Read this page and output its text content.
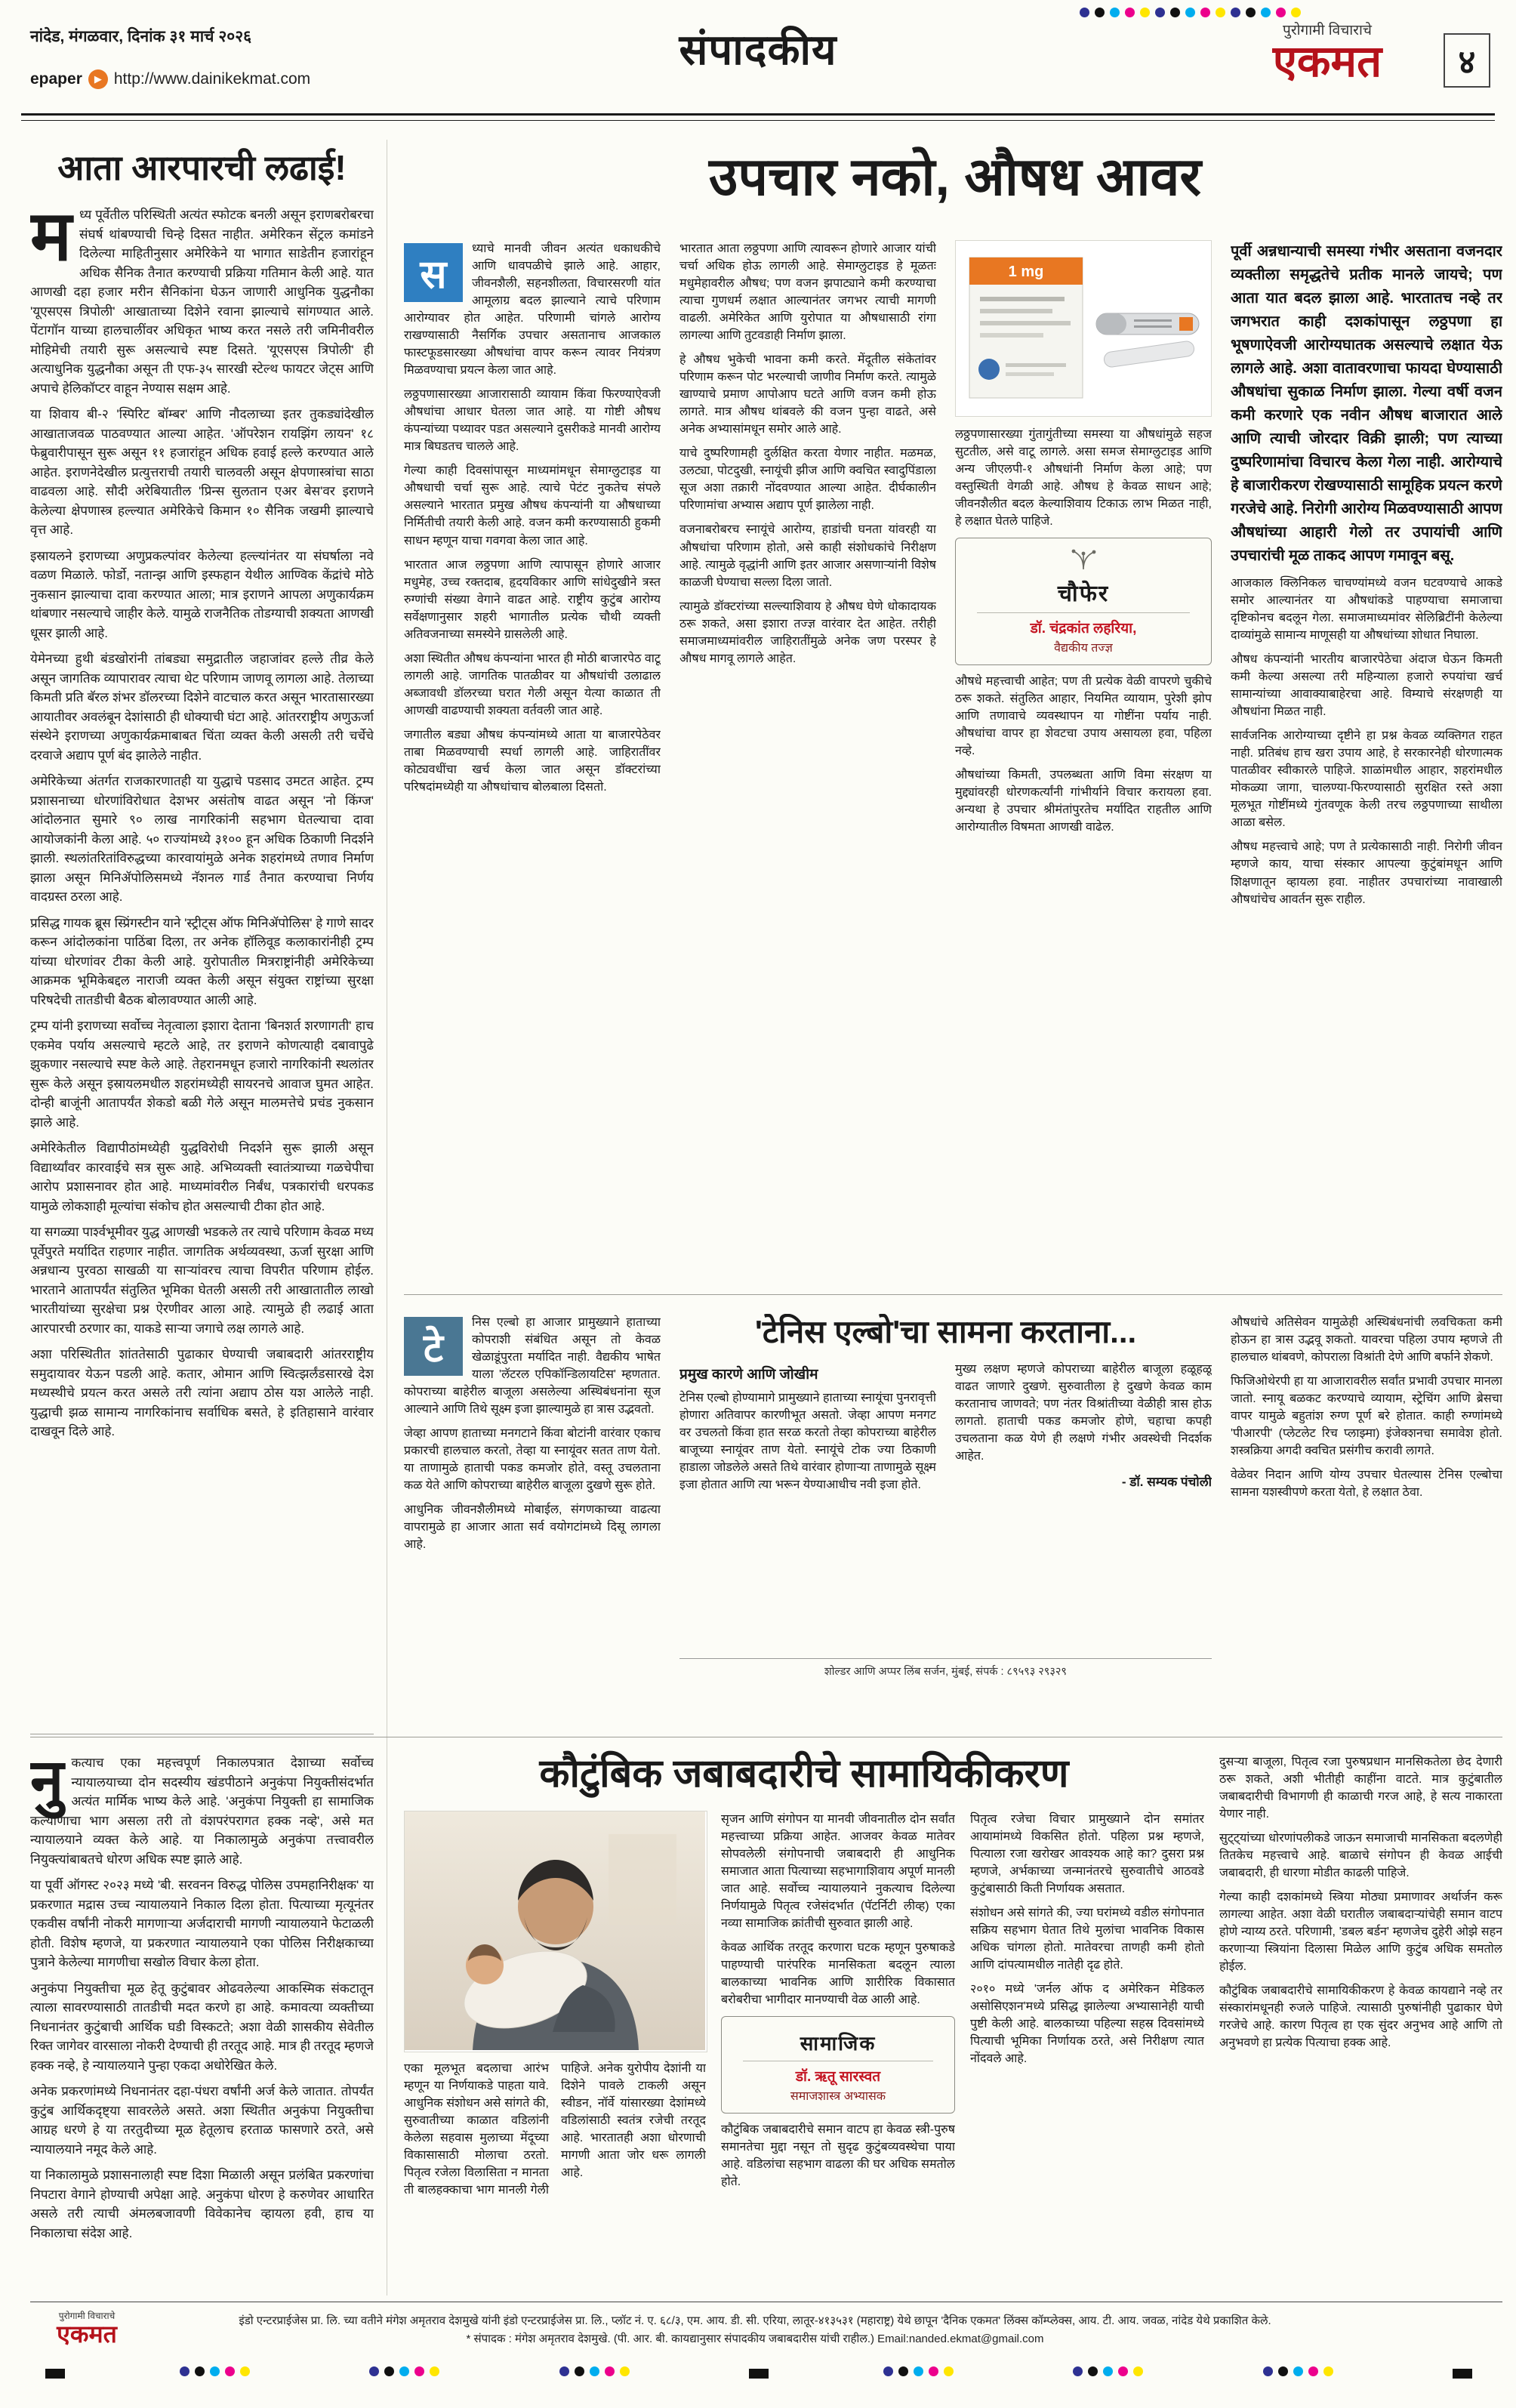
नांदेड, मंगळवार, दिनांक ३१ मार्च २०२६
epaper	▶ http://www.dainikekmat.com
संपादकीय	पुरोगामी विचाराचे
एकमत	४
आता आरपारची लढाई!
म ध्य पूर्वेतील परिस्थिती अत्यंत स्फोटक बनली असून इराणबरोबरचा संघर्ष थांबण्याची चिन्हे दिसत नाहीत. अमेरिकन सेंट्रल कमांडने दिलेल्या माहितीनुसार अमेरिकेने या भागात साडेतीन हजारांहून अधिक सैनिक तैनात करण्याची प्रक्रिया गतिमान केली आहे. यात आणखी दहा हजार मरीन सैनिकांना घेऊन जाणारी आधुनिक युद्धनौका 'यूएसएस त्रिपोली' आखाताच्या दिशेने रवाना झाल्याचे सांगण्यात आले. पेंटागॉन याच्या हालचालींवर अधिकृत भाष्य करत नसले तरी जमिनीवरील मोहिमेची तयारी सुरू असल्याचे स्पष्ट दिसते. 'यूएसएस त्रिपोली' ही अत्याधुनिक युद्धनौका असून ती एफ-३५ सारखी स्टेल्थ फायटर जेट्स आणि अपाचे हेलिकॉप्टर वाहून नेण्यास सक्षम आहे.

या शिवाय बी-२ 'स्पिरिट बॉम्बर' आणि नौदलाच्या इतर तुकड्यांदेखील आखाताजवळ पाठवण्यात आल्या आहेत. 'ऑपरेशन रायझिंग लायन' १८ फेब्रुवारीपासून सुरू असून ११ हजारांहून अधिक हवाई हल्ले करण्यात आले आहेत. इराणनेदेखील प्रत्युत्तराची तयारी चालवली असून क्षेपणास्त्रांचा साठा वाढवला आहे. सौदी अरेबियातील 'प्रिन्स सुलतान एअर बेस'वर इराणने केलेल्या क्षेपणास्त्र हल्ल्यात अमेरिकेचे किमान १० सैनिक जखमी झाल्याचे वृत्त आहे.

इस्रायलने इराणच्या अणुप्रकल्पांवर केलेल्या हल्ल्यांनंतर या संघर्षाला नवे वळण मिळाले. फोर्डो, नतान्झ आणि इस्फहान येथील आण्विक केंद्रांचे मोठे नुकसान झाल्याचा दावा करण्यात आला; मात्र इराणने आपला अणुकार्यक्रम थांबणार नसल्याचे जाहीर केले. यामुळे राजनैतिक तोडग्याची शक्यता आणखी धूसर झाली आहे.

येमेनच्या हुथी बंडखोरांनी तांबड्या समुद्रातील जहाजांवर हल्ले तीव्र केले असून जागतिक व्यापारावर त्याचा थेट परिणाम जाणवू लागला आहे. तेलाच्या किमती प्रति बॅरल शंभर डॉलरच्या दिशेने वाटचाल करत असून भारतासारख्या आयातीवर अवलंबून देशांसाठी ही धोक्याची घंटा आहे. आंतरराष्ट्रीय अणुऊर्जा संस्थेने इराणच्या अणुकार्यक्रमाबाबत चिंता व्यक्त केली असली तरी चर्चेचे दरवाजे अद्याप पूर्ण बंद झालेले नाहीत.

अमेरिकेच्या अंतर्गत राजकारणातही या युद्धाचे पडसाद उमटत आहेत. ट्रम्प प्रशासनाच्या धोरणांविरोधात देशभर असंतोष वाढत असून 'नो किंग्ज' आंदोलनात सुमारे ९० लाख नागरिकांनी सहभाग घेतल्याचा दावा आयोजकांनी केला आहे. ५० राज्यांमध्ये ३१०० हून अधिक ठिकाणी निदर्शने झाली. स्थलांतरितांविरुद्धच्या कारवायांमुळे अनेक शहरांमध्ये तणाव निर्माण झाला असून मिनिॲपोलिसमध्ये नॅशनल गार्ड तैनात करण्याचा निर्णय वादग्रस्त ठरला आहे.

प्रसिद्ध गायक ब्रूस स्प्रिंगस्टीन याने 'स्ट्रीट्स ऑफ मिनिॲपोलिस' हे गाणे सादर करून आंदोलकांना पाठिंबा दिला, तर अनेक हॉलिवूड कलाकारांनीही ट्रम्प यांच्या धोरणांवर टीका केली आहे. युरोपातील मित्रराष्ट्रांनीही अमेरिकेच्या आक्रमक भूमिकेबद्दल नाराजी व्यक्त केली असून संयुक्त राष्ट्रांच्या सुरक्षा परिषदेची तातडीची बैठक बोलावण्यात आली आहे.

ट्रम्प यांनी इराणच्या सर्वोच्च नेतृत्वाला इशारा देताना 'बिनशर्त शरणागती' हाच एकमेव पर्याय असल्याचे म्हटले आहे, तर इराणने कोणत्याही दबावापुढे झुकणार नसल्याचे स्पष्ट केले आहे. तेहरानमधून हजारो नागरिकांनी स्थलांतर सुरू केले असून इस्रायलमधील शहरांमध्येही सायरनचे आवाज घुमत आहेत. दोन्ही बाजूंनी आतापर्यंत शेकडो बळी गेले असून मालमत्तेचे प्रचंड नुकसान झाले आहे.

अमेरिकेतील विद्यापीठांमध्येही युद्धविरोधी निदर्शने सुरू झाली असून विद्यार्थ्यांवर कारवाईचे सत्र सुरू आहे. अभिव्यक्ती स्वातंत्र्याच्या गळचेपीचा आरोप प्रशासनावर होत आहे. माध्यमांवरील निर्बंध, पत्रकारांची धरपकड यामुळे लोकशाही मूल्यांचा संकोच होत असल्याची टीका होत आहे.

या सगळ्या पार्श्वभूमीवर युद्ध आणखी भडकले तर त्याचे परिणाम केवळ मध्य पूर्वेपुरते मर्यादित राहणार नाहीत. जागतिक अर्थव्यवस्था, ऊर्जा सुरक्षा आणि अन्नधान्य पुरवठा साखळी या साऱ्यांवरच त्याचा विपरीत परिणाम होईल. भारताने आतापर्यंत संतुलित भूमिका घेतली असली तरी आखातातील लाखो भारतीयांच्या सुरक्षेचा प्रश्न ऐरणीवर आला आहे. त्यामुळे ही लढाई आता आरपारची ठरणार का, याकडे साऱ्या जगाचे लक्ष लागले आहे.

अशा परिस्थितीत शांततेसाठी पुढाकार घेण्याची जबाबदारी आंतरराष्ट्रीय समुदायावर येऊन पडली आहे. कतार, ओमान आणि स्वित्झर्लंडसारखे देश मध्यस्थीचे प्रयत्न करत असले तरी त्यांना अद्याप ठोस यश आलेले नाही. युद्धाची झळ सामान्य नागरिकांनाच सर्वाधिक बसते, हे इतिहासाने वारंवार दाखवून दिले आहे.

उपचार नको, औषध आवर
स

ध्याचे मानवी जीवन अत्यंत धकाधकीचे आणि धावपळीचे झाले आहे. आहार, जीवनशैली, सहनशीलता, विचारसरणी यांत आमूलाग्र बदल झाल्याने त्याचे परिणाम आरोग्यावर होत आहेत. परिणामी चांगले आरोग्य राखण्यासाठी नैसर्गिक उपचार असतानाच आजकाल फास्टफूडसारख्या औषधांचा वापर करून त्यावर नियंत्रण मिळवण्याचा प्रयत्न केला जात आहे.

लठ्ठपणासारख्या आजारासाठी व्यायाम किंवा फिरण्याऐवजी औषधांचा आधार घेतला जात आहे. या गोष्टी औषध कंपन्यांच्या पथ्यावर पडत असल्याने दुसरीकडे मानवी आरोग्य मात्र बिघडतच चालले आहे.

गेल्या काही दिवसांपासून माध्यमांमधून सेमाग्लुटाइड या औषधाची चर्चा सुरू आहे. त्याचे पेटंट नुकतेच संपले असल्याने भारतात प्रमुख औषध कंपन्यांनी या औषधाच्या निर्मितीची तयारी केली आहे. वजन कमी करण्यासाठी हुकमी साधन म्हणून याचा गवगवा केला जात आहे.

भारतात आज लठ्ठपणा आणि त्यापासून होणारे आजार मधुमेह, उच्च रक्तदाब, हृदयविकार आणि सांधेदुखीने त्रस्त रुग्णांची संख्या वेगाने वाढत आहे. राष्ट्रीय कुटुंब आरोग्य सर्वेक्षणानुसार शहरी भागातील प्रत्येक चौथी व्यक्ती अतिवजनाच्या समस्येने ग्रासलेली आहे.

अशा स्थितीत औषध कंपन्यांना भारत ही मोठी बाजारपेठ वाटू लागली आहे. जागतिक पातळीवर या औषधांची उलाढाल अब्जावधी डॉलरच्या घरात गेली असून येत्या काळात ती आणखी वाढण्याची शक्यता वर्तवली जात आहे.

जगातील बड्या औषध कंपन्यांमध्ये आता या बाजारपेठेवर ताबा मिळवण्याची स्पर्धा लागली आहे. जाहिरातींवर कोट्यवधींचा खर्च केला जात असून डॉक्टरांच्या परिषदांमध्येही या औषधांचाच बोलबाला दिसतो.

भारतात आता लठ्ठपणा आणि त्यावरून होणारे आजार यांची चर्चा अधिक होऊ लागली आहे. सेमाग्लुटाइड हे मूळतः मधुमेहावरील औषध; पण वजन झपाट्याने कमी करण्याचा त्याचा गुणधर्म लक्षात आल्यानंतर जगभर त्याची मागणी वाढली. अमेरिकेत आणि युरोपात या औषधासाठी रांगा लागल्या आणि तुटवडाही निर्माण झाला.

हे औषध भुकेची भावना कमी करते. मेंदूतील संकेतांवर परिणाम करून पोट भरल्याची जाणीव निर्माण करते. त्यामुळे खाण्याचे प्रमाण आपोआप घटते आणि वजन कमी होऊ लागते. मात्र औषध थांबवले की वजन पुन्हा वाढते, असे अनेक अभ्यासांमधून समोर आले आहे.

याचे दुष्परिणामही दुर्लक्षित करता येणार नाहीत. मळमळ, उलट्या, पोटदुखी, स्नायूंची झीज आणि क्वचित स्वादुपिंडाला सूज अशा तक्रारी नोंदवण्यात आल्या आहेत. दीर्घकालीन परिणामांचा अभ्यास अद्याप पूर्ण झालेला नाही.

वजनाबरोबरच स्नायूंचे आरोग्य, हाडांची घनता यांवरही या औषधांचा परिणाम होतो, असे काही संशोधकांचे निरीक्षण आहे. त्यामुळे वृद्धांनी आणि इतर आजार असणाऱ्यांनी विशेष काळजी घेण्याचा सल्ला दिला जातो.

त्यामुळे डॉक्टरांच्या सल्ल्याशिवाय हे औषध घेणे धोकादायक ठरू शकते, असा इशारा तज्ज्ञ वारंवार देत आहेत. तरीही समाजमाध्यमांवरील जाहिरातींमुळे अनेक जण परस्पर हे औषध मागवू लागले आहेत.

1 mg

लठ्ठपणासारख्या गुंतागुंतीच्या समस्या या औषधांमुळे सहज सुटतील, असे वाटू लागले. असा समज सेमाग्लुटाइड आणि अन्य जीएलपी-१ औषधांनी निर्माण केला आहे; पण वस्तुस्थिती वेगळी आहे. औषध हे केवळ साधन आहे; जीवनशैलीत बदल केल्याशिवाय टिकाऊ लाभ मिळत नाही, हे लक्षात घेतले पाहिजे.

चौफेर
डॉ. चंद्रकांत लहरिया,
वैद्यकीय तज्ज्ञ

औषधे महत्त्वाची आहेत; पण ती प्रत्येक वेळी वापरणे चुकीचे ठरू शकते. संतुलित आहार, नियमित व्यायाम, पुरेशी झोप आणि तणावाचे व्यवस्थापन या गोष्टींना पर्याय नाही. औषधांचा वापर हा शेवटचा उपाय असायला हवा, पहिला नव्हे.

औषधांच्या किमती, उपलब्धता आणि विमा संरक्षण या मुद्द्यांवरही धोरणकर्त्यांनी गांभीर्याने विचार करायला हवा. अन्यथा हे उपचार श्रीमंतांपुरतेच मर्यादित राहतील आणि आरोग्यातील विषमता आणखी वाढेल.

पूर्वी अन्नधान्याची समस्या गंभीर असताना वजनदार व्यक्तीला समृद्धतेचे प्रतीक मानले जायचे; पण आता यात बदल झाला आहे. भारतातच नव्हे तर जगभरात काही दशकांपासून लठ्ठपणा हा भूषणाऐवजी आरोग्यघातक असल्याचे लक्षात येऊ लागले आहे. अशा वातावरणाचा फायदा घेण्यासाठी औषधांचा सुकाळ निर्माण झाला. गेल्या वर्षी वजन कमी करणारे एक नवीन औषध बाजारात आले आणि त्याची जोरदार विक्री झाली; पण त्याच्या दुष्परिणामांचा विचारच केला गेला नाही. आरोग्याचे हे बाजारीकरण रोखण्यासाठी सामूहिक प्रयत्न करणे गरजेचे आहे. निरोगी आरोग्य मिळवण्यासाठी आपण औषधांच्या आहारी गेलो तर उपायांची आणि उपचारांची मूळ ताकद आपण गमावून बसू.

आजकाल क्लिनिकल चाचण्यांमध्ये वजन घटवण्याचे आकडे समोर आल्यानंतर या औषधांकडे पाहण्याचा समाजाचा दृष्टिकोनच बदलून गेला. समाजमाध्यमांवर सेलिब्रिटींनी केलेल्या दाव्यांमुळे सामान्य माणूसही या औषधांच्या शोधात निघाला.

औषध कंपन्यांनी भारतीय बाजारपेठेचा अंदाज घेऊन किमती कमी केल्या असल्या तरी महिन्याला हजारो रुपयांचा खर्च सामान्यांच्या आवाक्याबाहेरचा आहे. विम्याचे संरक्षणही या औषधांना मिळत नाही.

सार्वजनिक आरोग्याच्या दृष्टीने हा प्रश्न केवळ व्यक्तिगत राहत नाही. प्रतिबंध हाच खरा उपाय आहे, हे सरकारनेही धोरणात्मक पातळीवर स्वीकारले पाहिजे. शाळांमधील आहार, शहरांमधील मोकळ्या जागा, चालण्या-फिरण्यासाठी सुरक्षित रस्ते अशा मूलभूत गोष्टींमध्ये गुंतवणूक केली तरच लठ्ठपणाच्या साथीला आळा बसेल.

औषध महत्त्वाचे आहे; पण ते प्रत्येकासाठी नाही. निरोगी जीवन म्हणजे काय, याचा संस्कार आपल्या कुटुंबांमधून आणि शिक्षणातून व्हायला हवा. नाहीतर उपचारांच्या नावाखाली औषधांचेच आवर्तन सुरू राहील.

टे

निस एल्बो हा आजार प्रामुख्याने हाताच्या कोपराशी संबंधित असून तो केवळ खेळाडूंपुरता मर्यादित नाही. वैद्यकीय भाषेत याला 'लॅटरल एपिकॉन्डिलायटिस' म्हणतात. कोपराच्या बाहेरील बाजूला असलेल्या अस्थिबंधनांना सूज आल्याने आणि तिथे सूक्ष्म इजा झाल्यामुळे हा त्रास उद्भवतो.

जेव्हा आपण हाताच्या मनगटाने किंवा बोटांनी वारंवार एकाच प्रकारची हालचाल करतो, तेव्हा या स्नायूंवर सतत ताण येतो. या ताणामुळे हाताची पकड कमजोर होते, वस्तू उचलताना कळ येते आणि कोपराच्या बाहेरील बाजूला दुखणे सुरू होते.

आधुनिक जीवनशैलीमध्ये मोबाईल, संगणकाच्या वाढत्या वापरामुळे हा आजार आता सर्व वयोगटांमध्ये दिसू लागला आहे.

'टेनिस एल्बो'चा सामना करताना...
प्रमुख कारणे आणि जोखीम

टेनिस एल्बो होण्यामागे प्रामुख्याने हाताच्या स्नायूंचा पुनरावृत्ती होणारा अतिवापर कारणीभूत असतो. जेव्हा आपण मनगट वर उचलतो किंवा हात सरळ करतो तेव्हा कोपराच्या बाहेरील बाजूच्या स्नायूंवर ताण येतो. स्नायूंचे टोक ज्या ठिकाणी हाडाला जोडलेले असते तिथे वारंवार होणाऱ्या ताणामुळे सूक्ष्म इजा होतात आणि त्या भरून येण्याआधीच नवी इजा होते.

मुख्य लक्षण म्हणजे कोपराच्या बाहेरील बाजूला हळूहळू वाढत जाणारे दुखणे. सुरुवातीला हे दुखणे केवळ काम करतानाच जाणवते; पण नंतर विश्रांतीच्या वेळीही त्रास होऊ लागतो. हाताची पकड कमजोर होणे, चहाचा कपही उचलताना कळ येणे ही लक्षणे गंभीर अवस्थेची निदर्शक आहेत.

- डॉ. सम्यक पंचोली
शोल्डर आणि अप्पर लिंब सर्जन, मुंबई, संपर्क : ८९५९३ २९३२९

औषधांचे अतिसेवन यामुळेही अस्थिबंधनांची लवचिकता कमी होऊन हा त्रास उद्भवू शकतो. यावरचा पहिला उपाय म्हणजे ती हालचाल थांबवणे, कोपराला विश्रांती देणे आणि बर्फाने शेकणे.

फिजिओथेरपी हा या आजारावरील सर्वांत प्रभावी उपचार मानला जातो. स्नायू बळकट करण्याचे व्यायाम, स्ट्रेचिंग आणि ब्रेसचा वापर यामुळे बहुतांश रुग्ण पूर्ण बरे होतात. काही रुग्णांमध्ये 'पीआरपी' (प्लेटलेट रिच प्लाझ्मा) इंजेक्शनचा समावेश होतो. शस्त्रक्रिया अगदी क्वचित प्रसंगीच करावी लागते.

वेळेवर निदान आणि योग्य उपचार घेतल्यास टेनिस एल्बोचा सामना यशस्वीपणे करता येतो, हे लक्षात ठेवा.

नु कत्याच एका महत्त्वपूर्ण निकालपत्रात देशाच्या सर्वोच्च न्यायालयाच्या दोन सदस्यीय खंडपीठाने अनुकंपा नियुक्तीसंदर्भात अत्यंत मार्मिक भाष्य केले आहे. 'अनुकंपा नियुक्ती हा सामाजिक कल्याणाचा भाग असला तरी तो वंशपरंपरागत हक्क नव्हे', असे मत न्यायालयाने व्यक्त केले आहे. या निकालामुळे अनुकंपा तत्त्वावरील नियुक्त्यांबाबतचे धोरण अधिक स्पष्ट झाले आहे.

या पूर्वी ऑगस्ट २०२३ मध्ये 'बी. सरवनन विरुद्ध पोलिस उपमहानिरीक्षक' या प्रकरणात मद्रास उच्च न्यायालयाने निकाल दिला होता. पित्याच्या मृत्यूनंतर एकवीस वर्षांनी नोकरी मागणाऱ्या अर्जदाराची मागणी न्यायालयाने फेटाळली होती. विशेष म्हणजे, या प्रकरणात न्यायालयाने एका पोलिस निरीक्षकाच्या पुत्राने केलेल्या मागणीचा सखोल विचार केला होता.

अनुकंपा नियुक्तीचा मूळ हेतू कुटुंबावर ओढवलेल्या आकस्मिक संकटातून त्याला सावरण्यासाठी तातडीची मदत करणे हा आहे. कमावत्या व्यक्तीच्या निधनानंतर कुटुंबाची आर्थिक घडी विस्कटते; अशा वेळी शासकीय सेवेतील रिक्त जागेवर वारसाला नोकरी देण्याची ही तरतूद आहे. मात्र ही तरतूद म्हणजे हक्क नव्हे, हे न्यायालयाने पुन्हा एकदा अधोरेखित केले.

अनेक प्रकरणांमध्ये निधनानंतर दहा-पंधरा वर्षांनी अर्ज केले जातात. तोपर्यंत कुटुंब आर्थिकदृष्ट्या सावरलेले असते. अशा स्थितीत अनुकंपा नियुक्तीचा आग्रह धरणे हे या तरतुदीच्या मूळ हेतूलाच हरताळ फासणारे ठरते, असे न्यायालयाने नमूद केले आहे.

या निकालामुळे प्रशासनालाही स्पष्ट दिशा मिळाली असून प्रलंबित प्रकरणांचा निपटारा वेगाने होण्याची अपेक्षा आहे. अनुकंपा धोरण हे करुणेवर आधारित असले तरी त्याची अंमलबजावणी विवेकानेच व्हायला हवी, हाच या निकालाचा संदेश आहे.

कौटुंबिक जबाबदारीचे सामायिकीकरण

एका मूलभूत बदलाचा आरंभ म्हणून या निर्णयाकडे पाहता यावे. आधुनिक संशोधन असे सांगते की, सुरुवातीच्या काळात वडिलांनी केलेला सहवास मुलाच्या मेंदूच्या विकासासाठी मोलाचा ठरतो. पितृत्व रजेला विलासिता न मानता ती बालहक्काचा भाग मानली गेली पाहिजे. अनेक युरोपीय देशांनी या दिशेने पावले टाकली असून स्वीडन, नॉर्वे यांसारख्या देशांमध्ये वडिलांसाठी स्वतंत्र रजेची तरतूद आहे. भारतातही अशा धोरणाची मागणी आता जोर धरू लागली आहे.

सृजन आणि संगोपन या मानवी जीवनातील दोन सर्वांत महत्त्वाच्या प्रक्रिया आहेत. आजवर केवळ मातेवर सोपवलेली संगोपनाची जबाबदारी ही आधुनिक समाजात आता पित्याच्या सहभागाशिवाय अपूर्ण मानली जात आहे. सर्वोच्च न्यायालयाने नुकत्याच दिलेल्या निर्णयामुळे पितृत्व रजेसंदर्भात (पॅटर्निटी लीव्ह) एका नव्या सामाजिक क्रांतीची सुरुवात झाली आहे.

केवळ आर्थिक तरतूद करणारा घटक म्हणून पुरुषाकडे पाहण्याची पारंपरिक मानसिकता बदलून त्याला बालकाच्या भावनिक आणि शारीरिक विकासात बरोबरीचा भागीदार मानण्याची वेळ आली आहे.

सामाजिक
डॉ. ऋतू सारस्वत
समाजशास्त्र अभ्यासक

कौटुंबिक जबाबदारीचे समान वाटप हा केवळ स्त्री-पुरुष समानतेचा मुद्दा नसून तो सुदृढ कुटुंबव्यवस्थेचा पाया आहे. वडिलांचा सहभाग वाढला की घर अधिक समतोल होते.

पितृत्व रजेचा विचार प्रामुख्याने दोन समांतर आयामांमध्ये विकसित होतो. पहिला प्रश्न म्हणजे, पित्याला रजा खरोखर आवश्यक आहे का? दुसरा प्रश्न म्हणजे, अर्भकाच्या जन्मानंतरचे सुरुवातीचे आठवडे कुटुंबासाठी किती निर्णायक असतात.

संशोधन असे सांगते की, ज्या घरांमध्ये वडील संगोपनात सक्रिय सहभाग घेतात तिथे मुलांचा भावनिक विकास अधिक चांगला होतो. मातेवरचा ताणही कमी होतो आणि दांपत्यामधील नातेही दृढ होते.

२०१० मध्ये 'जर्नल ऑफ द अमेरिकन मेडिकल असोसिएशन'मध्ये प्रसिद्ध झालेल्या अभ्यासानेही याची पुष्टी केली आहे. बालकाच्या पहिल्या सहस्र दिवसांमध्ये पित्याची भूमिका निर्णायक ठरते, असे निरीक्षण त्यात नोंदवले आहे.

दुसऱ्या बाजूला, पितृत्व रजा पुरुषप्रधान मानसिकतेला छेद देणारी ठरू शकते, अशी भीतीही काहींना वाटते. मात्र कुटुंबातील जबाबदारीची विभागणी ही काळाची गरज आहे, हे सत्य नाकारता येणार नाही.

सुट्ट्यांच्या धोरणांपलीकडे जाऊन समाजाची मानसिकता बदलणेही तितकेच महत्त्वाचे आहे. बाळाचे संगोपन ही केवळ आईची जबाबदारी, ही धारणा मोडीत काढली पाहिजे.

गेल्या काही दशकांमध्ये स्त्रिया मोठ्या प्रमाणावर अर्थार्जन करू लागल्या आहेत. अशा वेळी घरातील जबाबदाऱ्यांचेही समान वाटप होणे न्याय्य ठरते. परिणामी, 'डबल बर्डन' म्हणजेच दुहेरी ओझे सहन करणाऱ्या स्त्रियांना दिलासा मिळेल आणि कुटुंब अधिक समतोल होईल.

कौटुंबिक जबाबदारीचे सामायिकीकरण हे केवळ कायद्याने नव्हे तर संस्कारांमधूनही रुजले पाहिजे. त्यासाठी पुरुषांनीही पुढाकार घेणे गरजेचे आहे. कारण पितृत्व हा एक सुंदर अनुभव आहे आणि तो अनुभवणे हा प्रत्येक पित्याचा हक्क आहे.

पुरोगामी विचाराचे
एकमत	इंडो एन्टरप्राईजेस प्रा. लि. च्या वतीने मंगेश अमृतराव देशमुखे यांनी इंडो एन्टरप्राईजेस प्रा. लि., प्लॉट नं. ए. ६८/३, एम. आय. डी. सी. एरिया, लातूर-४१३५३१ (महाराष्ट्र) येथे छापून 'दैनिक एकमत' लिंक्स कॉम्प्लेक्स, आय. टी. आय. जवळ, नांदेड येथे प्रकाशित केले.
* संपादक : मंगेश अमृतराव देशमुखे. (पी. आर. बी. कायद्यानुसार संपादकीय जबाबदारीस यांची राहील.) Email:nanded.ekmat@gmail.com
